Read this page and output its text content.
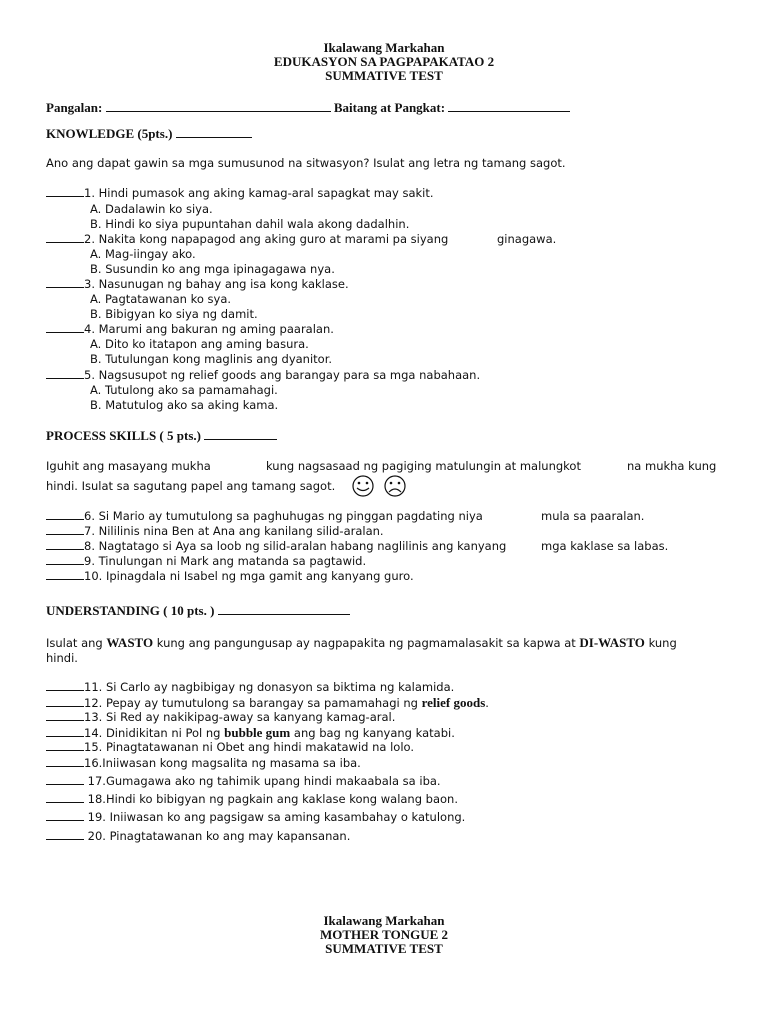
Ikalawang Markahan
EDUKASYON SA PAGPAPAKATAO 2
SUMMATIVE TEST
Pangalan:	Baitang at Pangkat:
KNOWLEDGE (5pts.)
Ano ang dapat gawin sa mga sumusunod na sitwasyon? Isulat ang letra ng tamang sagot.
1. Hindi pumasok ang aking kamag-aral sapagkat may sakit.
A. Dadalawin ko siya.
B. Hindi ko siya pupuntahan dahil wala akong dadalhin.
2. Nakita kong napapagod ang aking guro at marami pa siyang	ginagawa.
A. Mag-iingay ako.
B. Susundin ko ang mga ipinagagawa nya.
3. Nasunugan ng bahay ang isa kong kaklase.
A. Pagtatawanan ko sya.
B. Bibigyan ko siya ng damit.
4. Marumi ang bakuran ng aming paaralan.
A. Dito ko itatapon ang aming basura.
B. Tutulungan kong maglinis ang dyanitor.
5. Nagsusupot ng relief goods ang barangay para sa mga nabahaan.
A. Tutulong ako sa pamamahagi.
B. Matutulog ako sa aking kama.
PROCESS SKILLS ( 5 pts.)
Iguhit ang masayang mukha	kung nagsasaad ng pagiging matulungin at malungkot	na mukha kung
hindi. Isulat sa sagutang papel ang tamang sagot.
6. Si Mario ay tumutulong sa paghuhugas ng pinggan pagdating niya	mula sa paaralan.
7. Nililinis nina Ben at Ana ang kanilang silid-aralan.
8. Nagtatago si Aya sa loob ng silid-aralan habang naglilinis ang kanyang	mga kaklase sa labas.
9. Tinulungan ni Mark ang matanda sa pagtawid.
10. Ipinagdala ni Isabel ng mga gamit ang kanyang guro.
UNDERSTANDING ( 10 pts. )
Isulat ang WASTO kung ang pangungusap ay nagpapakita ng pagmamalasakit sa kapwa at DI-WASTO kung
hindi.
11. Si Carlo ay nagbibigay ng donasyon sa biktima ng kalamida.
12. Pepay ay tumutulong sa barangay sa pamamahagi ng relief goods.
13. Si Red ay nakikipag-away sa kanyang kamag-aral.
14. Dinidikitan ni Pol ng bubble gum ang bag ng kanyang katabi.
15. Pinagtatawanan ni Obet ang hindi makatawid na lolo.
16.Iniiwasan kong magsalita ng masama sa iba.
17.Gumagawa ako ng tahimik upang hindi makaabala sa iba.
18.Hindi ko bibigyan ng pagkain ang kaklase kong walang baon.
19. Iniiwasan ko ang pagsigaw sa aming kasambahay o katulong.
20. Pinagtatawanan ko ang may kapansanan.
Ikalawang Markahan
MOTHER TONGUE 2
SUMMATIVE TEST
